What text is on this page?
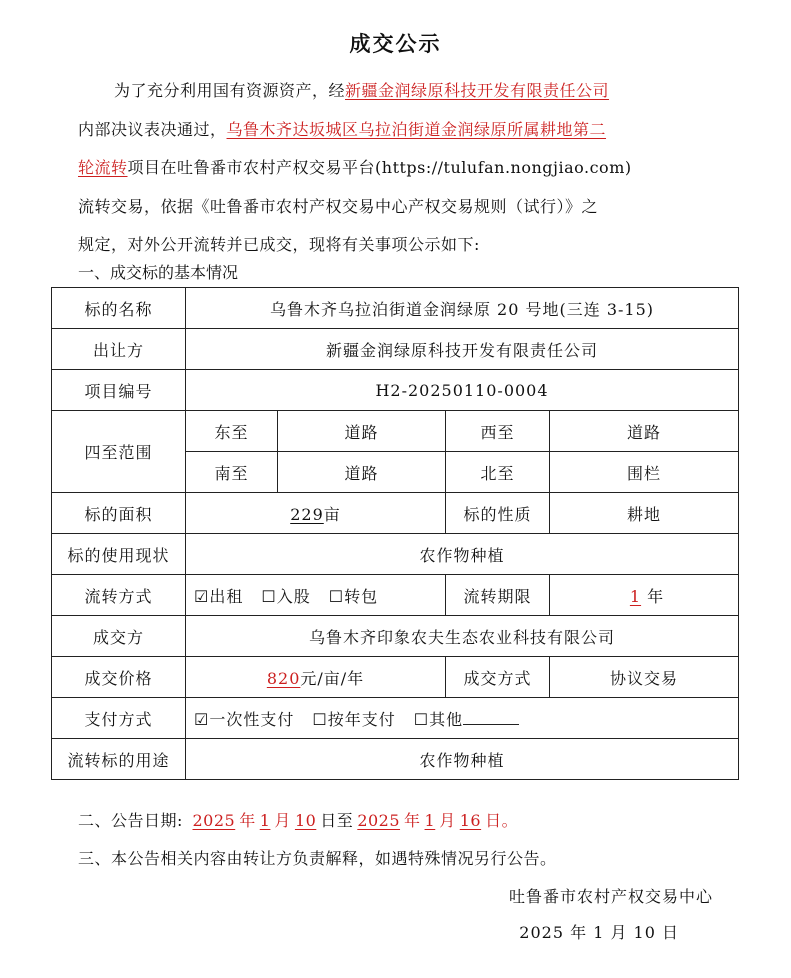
成交公示

为了充分利用国有资源资产，经新疆金润绿原科技开发有限责任公司

内部决议表决通过，乌鲁木齐达坂城区乌拉泊街道金润绿原所属耕地第二

轮流转项目在吐鲁番市农村产权交易平台(https://tulufan.nongjiao.com)

流转交易，依据《吐鲁番市农村产权交易中心产权交易规则（试行）》之

规定，对外公开流转并已成交，现将有关事项公示如下:

一、成交标的基本情况
标的名称	乌鲁木齐乌拉泊街道金润绿原 20 号地(三连 3-15)			
出让方	新疆金润绿原科技开发有限责任公司			
项目编号	H2-20250110-0004			
四至范围	东至	道路	西至	道路
	南至	道路	北至	围栏
标的面积	229亩		标的性质	耕地
标的使用现状	农作物种植			
流转方式	☑出租 ☐入股 ☐转包		流转期限	1 年
成交方	乌鲁木齐印象农夫生态农业科技有限公司			
成交价格	820元/亩/年		成交方式	协议交易
支付方式	☑一次性支付 ☐按年支付 ☐其他			
流转标的用途	农作物种植			
二、公告日期: 2025 年 1 月 10 日至 2025 年 1 月 16 日。
三、本公告相关内容由转让方负责解释，如遇特殊情况另行公告。
吐鲁番市农村产权交易中心
2025 年 1 月 10 日
